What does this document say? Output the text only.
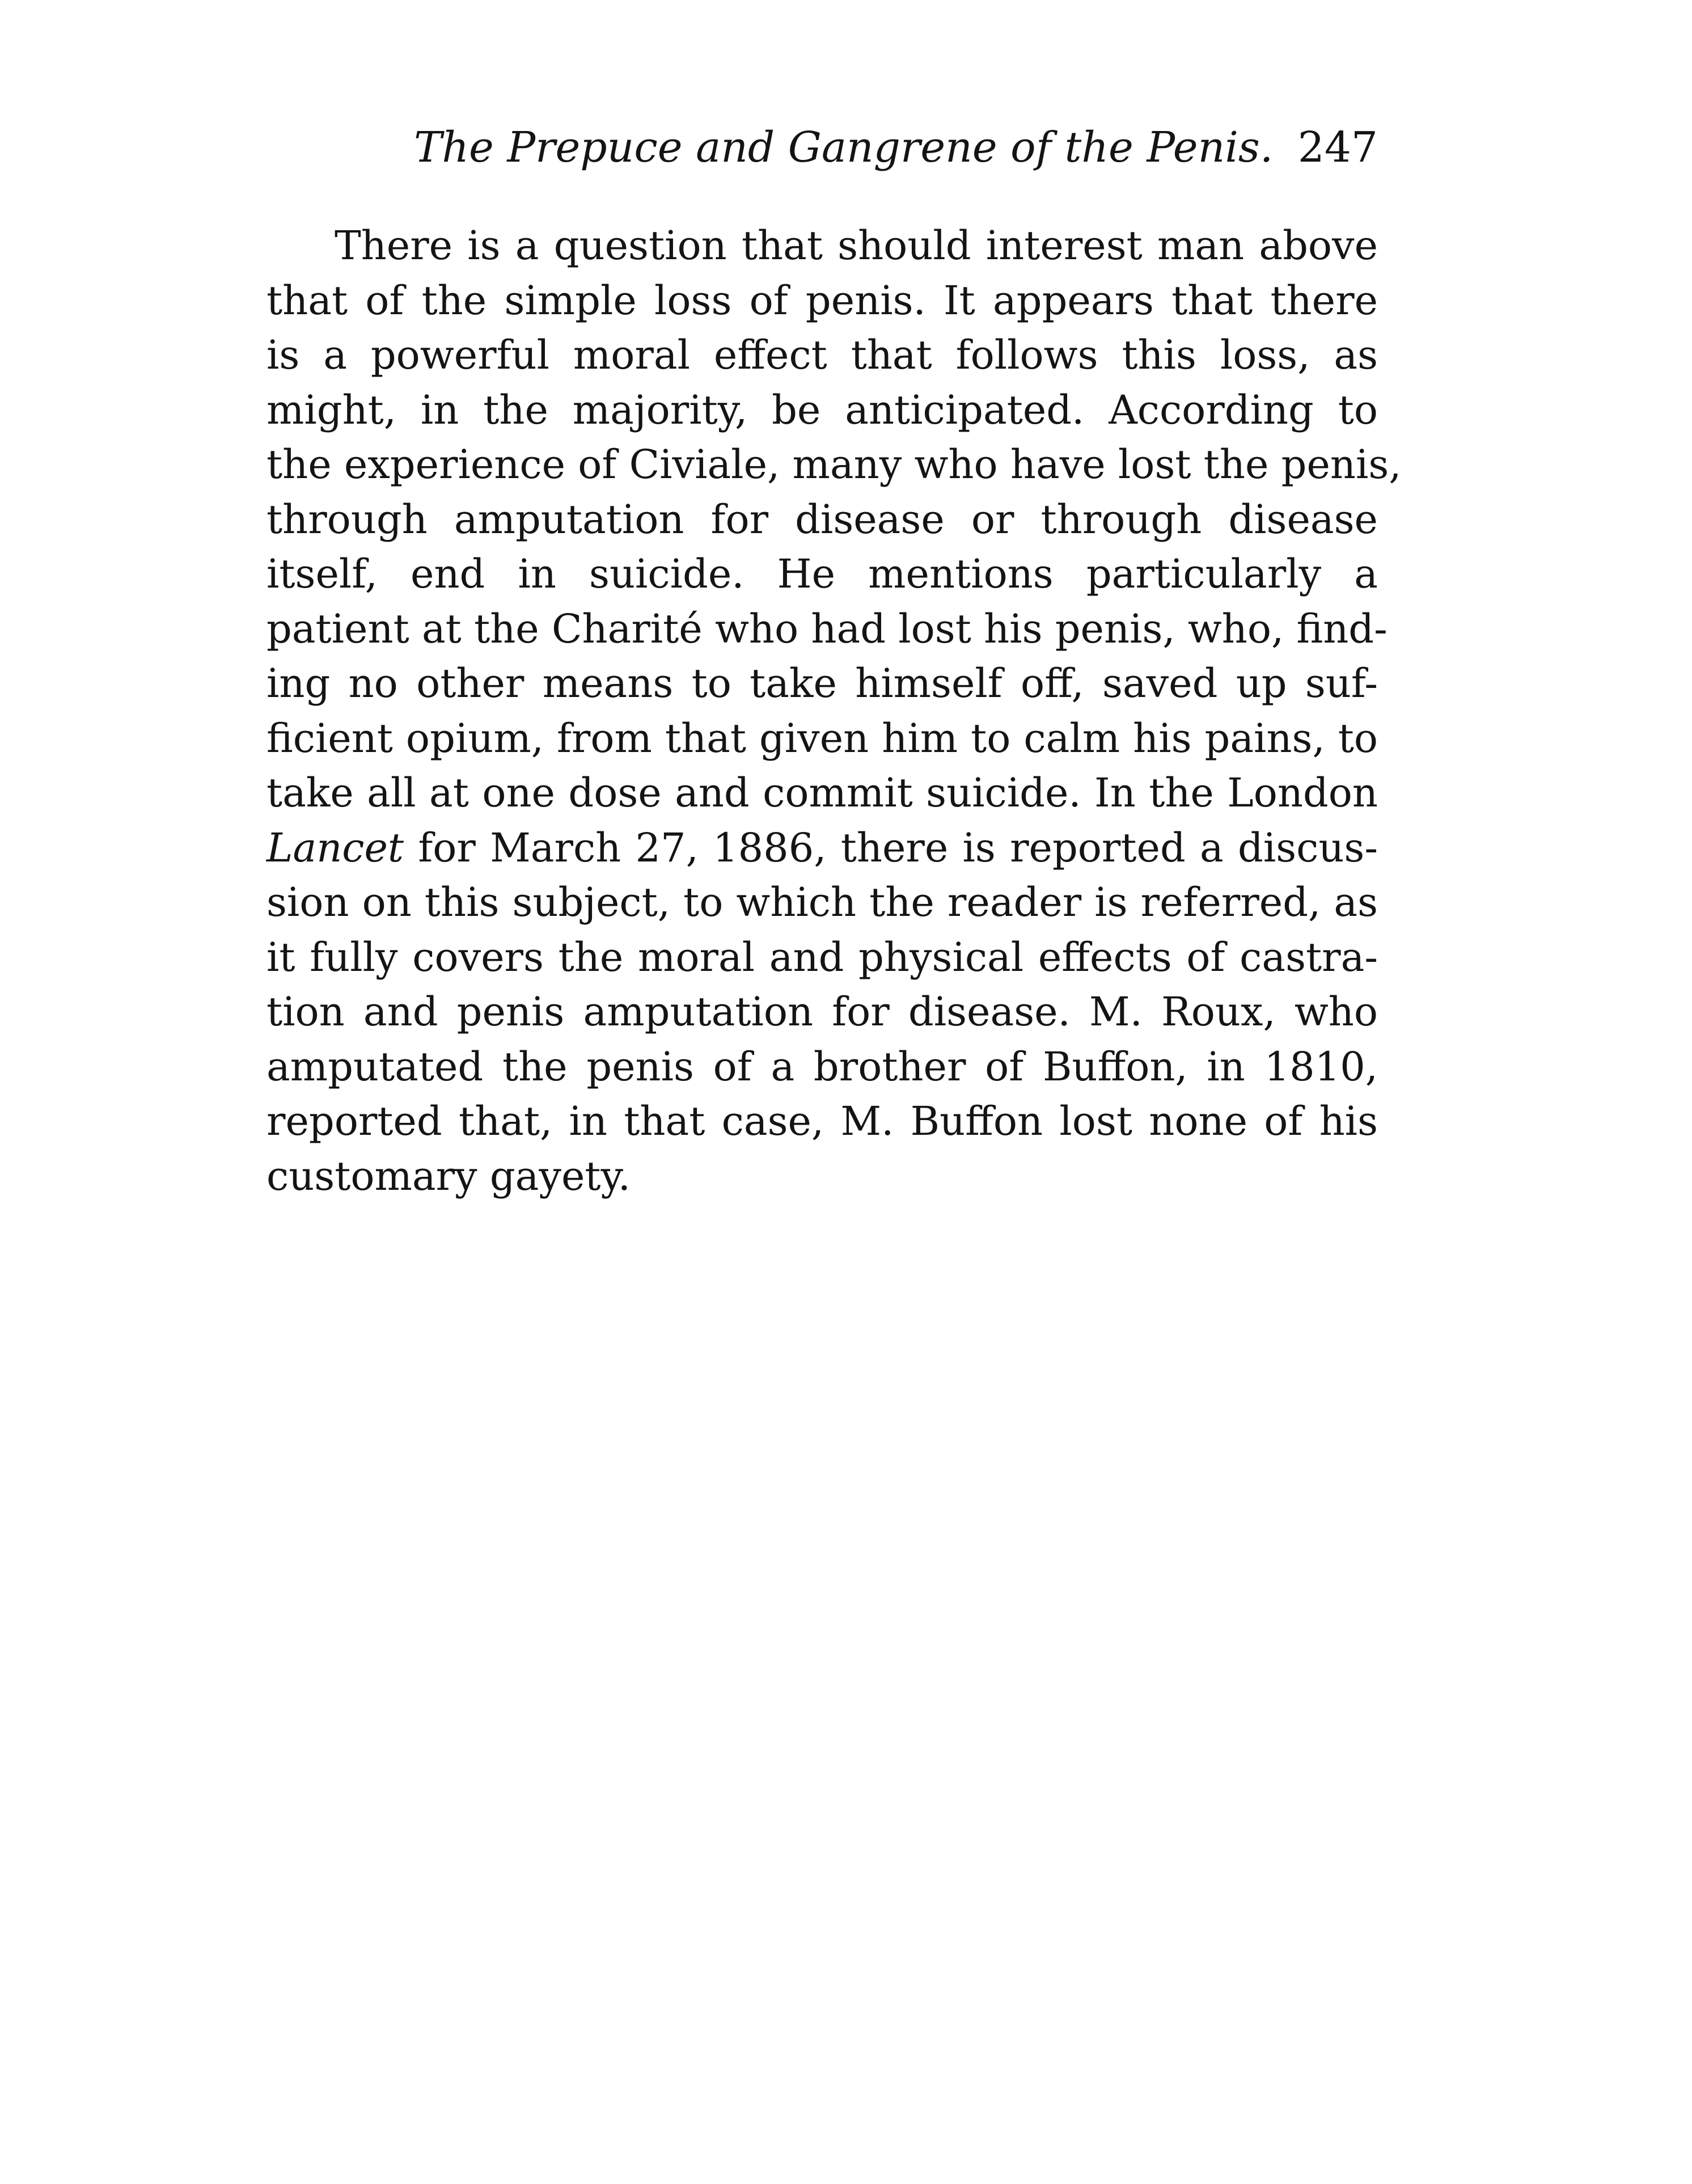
The Prepuce and Gangrene of the Penis. 247
There is a question that should interest man above
that of the simple loss of penis. It appears that there
is a powerful moral effect that follows this loss, as
might, in the majority, be anticipated. According to
the experience of Civiale, many who have lost the penis,
through amputation for disease or through disease
itself, end in suicide. He mentions particularly a
patient at the Charité who had lost his penis, who, find-
ing no other means to take himself off, saved up suf-
ficient opium, from that given him to calm his pains, to
take all at one dose and commit suicide. In the London
Lancet for March 27, 1886, there is reported a discus-
sion on this subject, to which the reader is referred, as
it fully covers the moral and physical effects of castra-
tion and penis amputation for disease. M. Roux, who
amputated the penis of a brother of Buffon, in 1810,
reported that, in that case, M. Buffon lost none of his
customary gayety.
